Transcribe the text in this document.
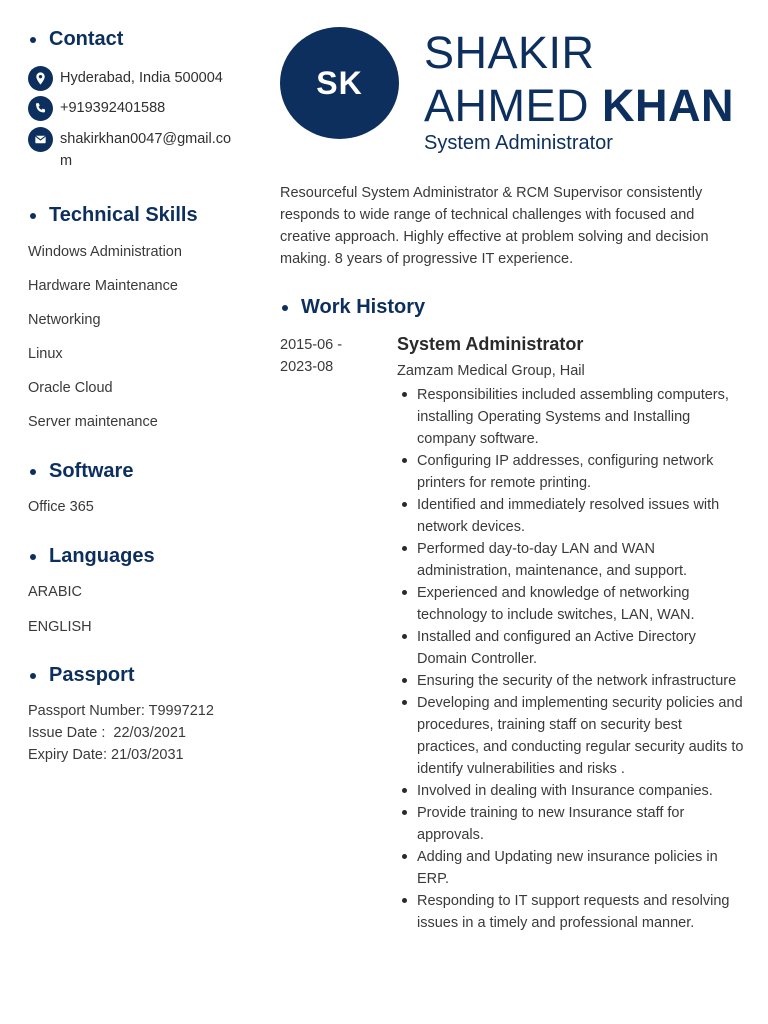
Contact
Hyderabad, India 500004
+919392401588
shakirkhan0047@gmail.com
Technical Skills
Windows Administration
Hardware Maintenance
Networking
Linux
Oracle Cloud
Server maintenance
Software
Office 365
Languages
ARABIC
ENGLISH
Passport
Passport Number: T9997212
Issue Date :  22/03/2021
Expiry Date: 21/03/2031
SK
SHAKIR
AHMED KHAN
System Administrator
Resourceful System Administrator & RCM Supervisor consistently responds to wide range of technical challenges with focused and creative approach. Highly effective at problem solving and decision making. 8 years of progressive IT experience.
Work History
2015-06 -
2023-08
System Administrator
Zamzam Medical Group, Hail
Responsibilities included assembling computers, installing Operating Systems and Installing company software.
Configuring IP addresses, configuring network printers for remote printing.
Identified and immediately resolved issues with network devices.
Performed day-to-day LAN and WAN administration, maintenance, and support.
Experienced and knowledge of networking technology to include switches, LAN, WAN.
Installed and configured an Active Directory Domain Controller.
Ensuring the security of the network infrastructure
Developing and implementing security policies and procedures, training staff on security best practices, and conducting regular security audits to identify vulnerabilities and risks .
Involved in dealing with Insurance companies.
Provide training to new Insurance staff for approvals.
Adding and Updating new insurance policies in ERP.
Responding to IT support requests and resolving issues in a timely and professional manner.
